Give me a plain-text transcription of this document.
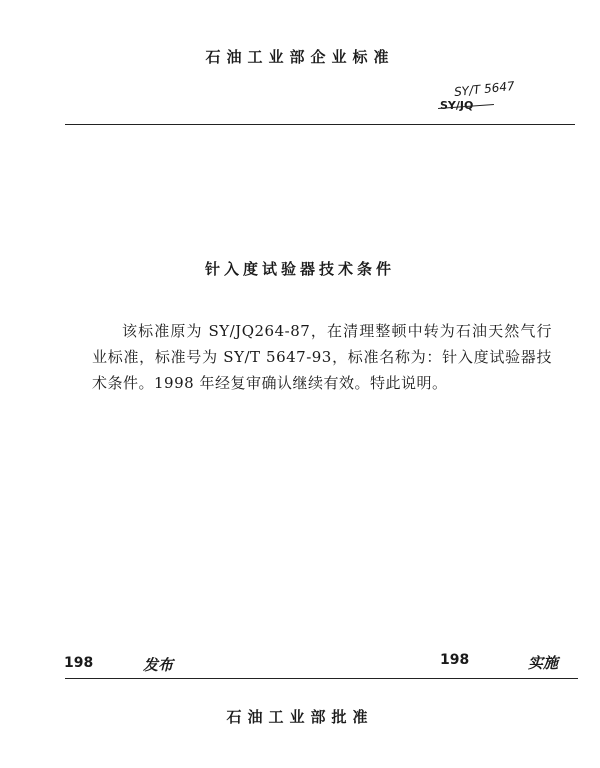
石油工业部企业标准
SY/T 5647
SY/JQ
针入度试验器技术条件
该标准原为 SY/JQ264-87，在清理整顿中转为石油天然气行业标准，标准号为 SY/T 5647-93，标准名称为：针入度试验器技术条件。1998 年经复审确认继续有效。特此说明。
198	发布	198	实施
石油工业部批准
